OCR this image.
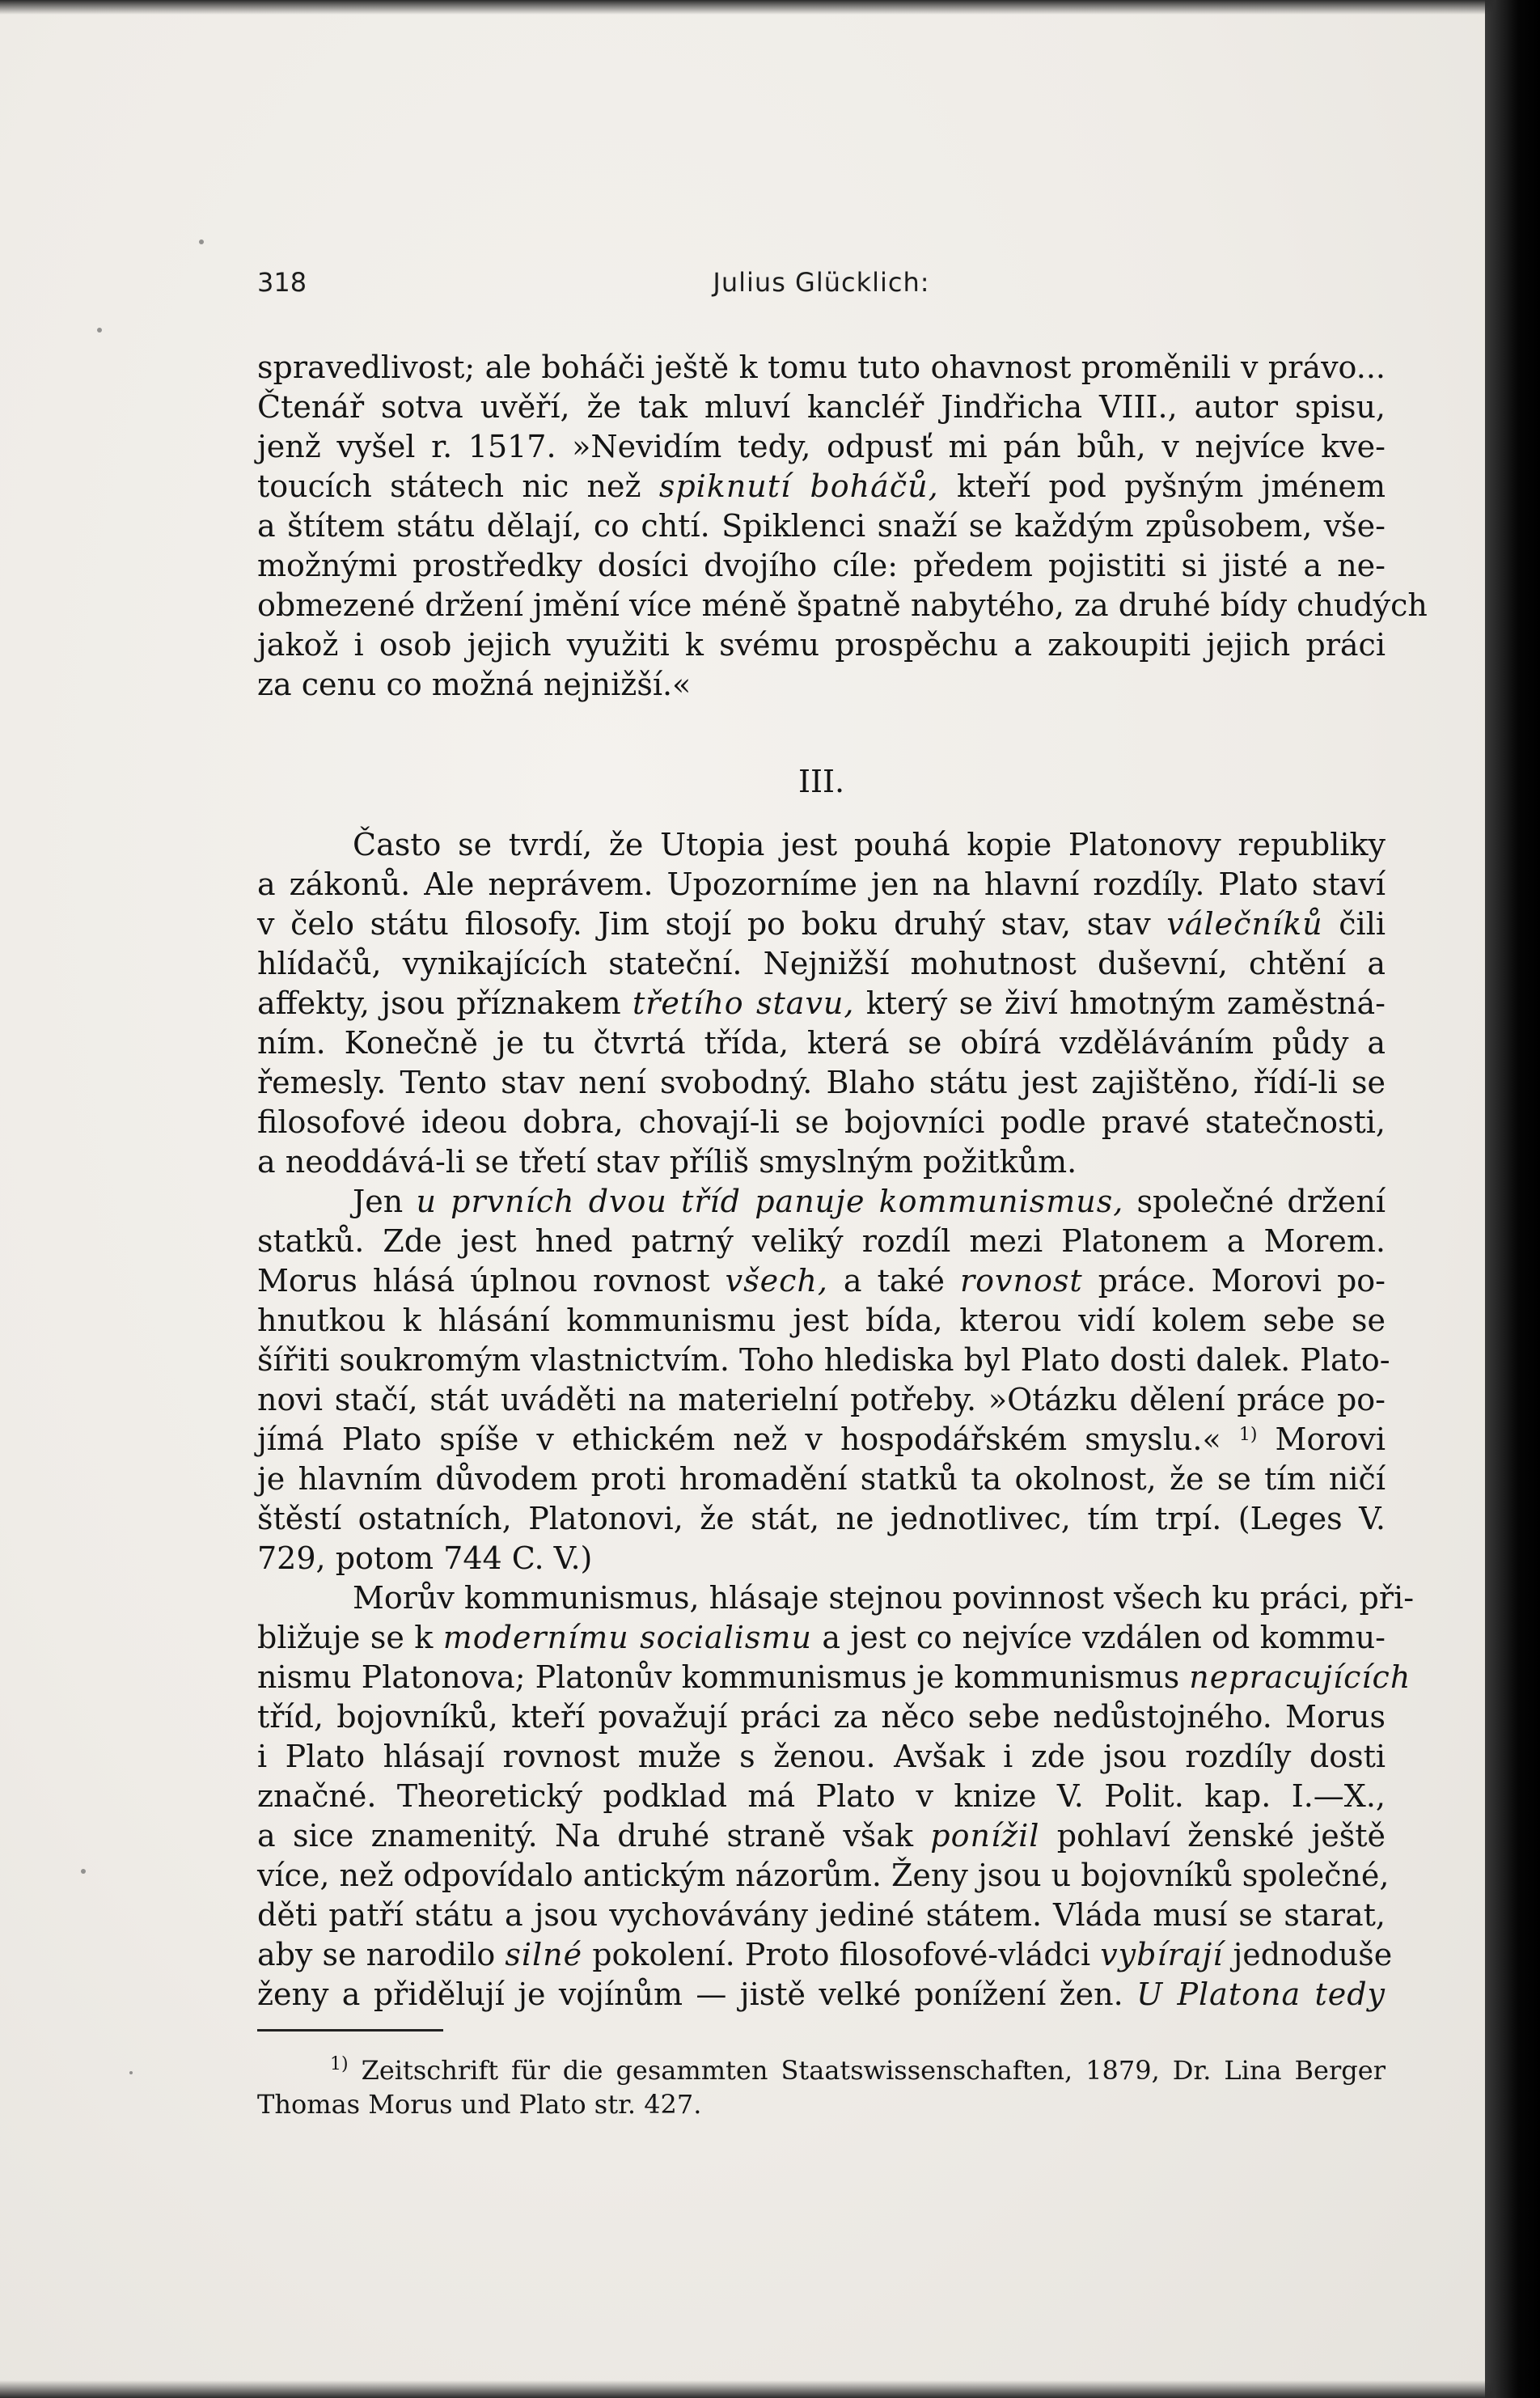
318	Julius Glücklich:
spravedlivost; ale boháči ještě k tomu tuto ohavnost proměnili v právo...
Čtenář sotva uvěří, že tak mluví kancléř Jindřicha VIII., autor spisu,
jenž vyšel r. 1517. »Nevidím tedy, odpusť mi pán bůh, v nejvíce kve-
toucích státech nic než spiknutí boháčů, kteří pod pyšným jménem
a štítem státu dělají, co chtí. Spiklenci snaží se každým způsobem, vše-
možnými prostředky dosíci dvojího cíle: předem pojistiti si jisté a ne-
obmezené držení jmění více méně špatně nabytého, za druhé bídy chudých
jakož i osob jejich využiti k svému prospěchu a zakoupiti jejich práci
za cenu co možná nejnižší.«
III.
Často se tvrdí, že Utopia jest pouhá kopie Platonovy republiky
a zákonů. Ale neprávem. Upozorníme jen na hlavní rozdíly. Plato staví
v čelo státu filosofy. Jim stojí po boku druhý stav, stav válečníků čili
hlídačů, vynikajících stateční. Nejnižší mohutnost duševní, chtění a
affekty, jsou příznakem třetího stavu, který se živí hmotným zaměstná-
ním. Konečně je tu čtvrtá třída, která se obírá vzděláváním půdy a
řemesly. Tento stav není svobodný. Blaho státu jest zajištěno, řídí-li se
filosofové ideou dobra, chovají-li se bojovníci podle pravé statečnosti,
a neoddává-li se třetí stav příliš smyslným požitkům.
Jen u prvních dvou tříd panuje kommunismus, společné držení
statků. Zde jest hned patrný veliký rozdíl mezi Platonem a Morem.
Morus hlásá úplnou rovnost všech, a také rovnost práce. Morovi po-
hnutkou k hlásání kommunismu jest bída, kterou vidí kolem sebe se
šířiti soukromým vlastnictvím. Toho hlediska byl Plato dosti dalek. Plato-
novi stačí, stát uváděti na materielní potřeby. »Otázku dělení práce po-
jímá Plato spíše v ethickém než v hospodářském smyslu.« $^{1)}$ Morovi
je hlavním důvodem proti hromadění statků ta okolnost, že se tím ničí
štěstí ostatních, Platonovi, že stát, ne jednotlivec, tím trpí. (Leges V.
729, potom 744 C. V.)
Morův kommunismus, hlásaje stejnou povinnost všech ku práci, při-
bližuje se k modernímu socialismu a jest co nejvíce vzdálen od kommu-
nismu Platonova; Platonův kommunismus je kommunismus nepracujících
tříd, bojovníků, kteří považují práci za něco sebe nedůstojného. Morus
i Plato hlásají rovnost muže s ženou. Avšak i zde jsou rozdíly dosti
značné. Theoretický podklad má Plato v knize V. Polit. kap. I.—X.,
a sice znamenitý. Na druhé straně však ponížil pohlaví ženské ještě
více, než odpovídalo antickým názorům. Ženy jsou u bojovníků společné,
děti patří státu a jsou vychovávány jediné státem. Vláda musí se starat,
aby se narodilo silné pokolení. Proto filosofové-vládci vybírají jednoduše
ženy a přidělují je vojínům — jistě velké ponížení žen. U Platona tedy
$^{1)}$ Zeitschrift für die gesammten Staatswissenschaften, 1879, Dr. Lina Berger
Thomas Morus und Plato str. 427.
